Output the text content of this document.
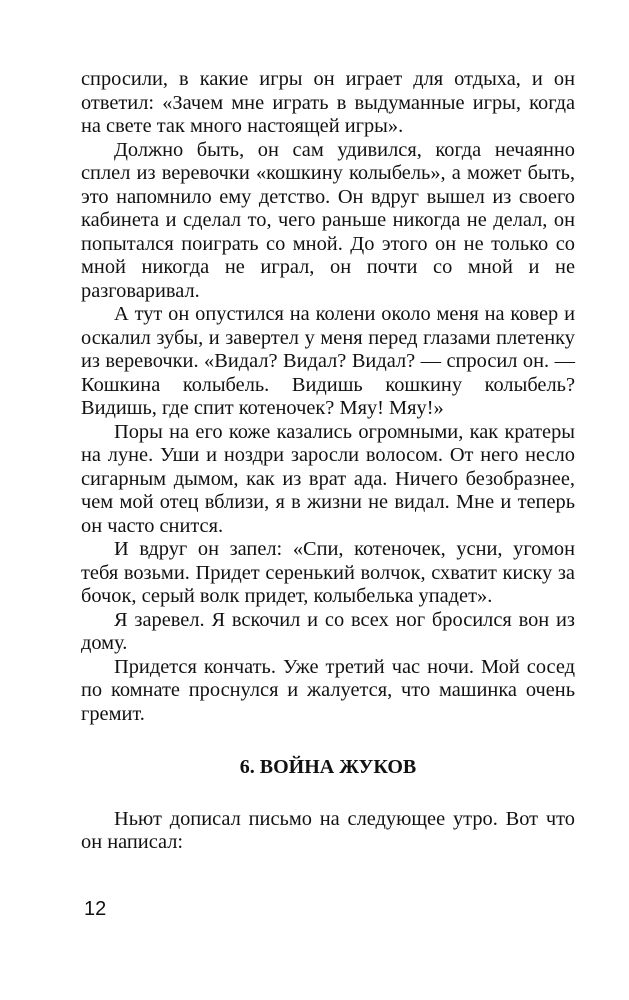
спросили, в какие игры он играет для отдыха, и он ответил: «Зачем мне играть в выдуманные игры, когда на свете так много настоящей игры».

Должно быть, он сам удивился, когда нечаянно сплел из веревочки «кошкину колыбель», а может быть, это напомнило ему детство. Он вдруг вышел из своего кабинета и сделал то, чего раньше никогда не делал, он попытался поиграть со мной. До этого он не только со мной никогда не играл, он почти со мной и не разговаривал.

А тут он опустился на колени около меня на ковер и оскалил зубы, и завертел у меня перед глазами плетенку из веревочки. «Видал? Видал? Видал? — спросил он. — Кошкина колыбель. Видишь кошкину колыбель? Видишь, где спит котеночек? Мяу! Мяу!»

Поры на его коже казались огромными, как кратеры на луне. Уши и ноздри заросли волосом. От него несло сигарным дымом, как из врат ада. Ничего безобразнее, чем мой отец вблизи, я в жизни не видал. Мне и теперь он часто снится.

И вдруг он запел: «Спи, котеночек, усни, угомон тебя возьми. Придет серенький волчок, схватит киску за бочок, серый волк придет, колыбелька упадет».

Я заревел. Я вскочил и со всех ног бросился вон из дому.

Придется кончать. Уже третий час ночи. Мой сосед по комнате проснулся и жалуется, что машинка очень гремит.

6. ВОЙНА ЖУКОВ

Ньют дописал письмо на следующее утро. Вот что он написал:

12
